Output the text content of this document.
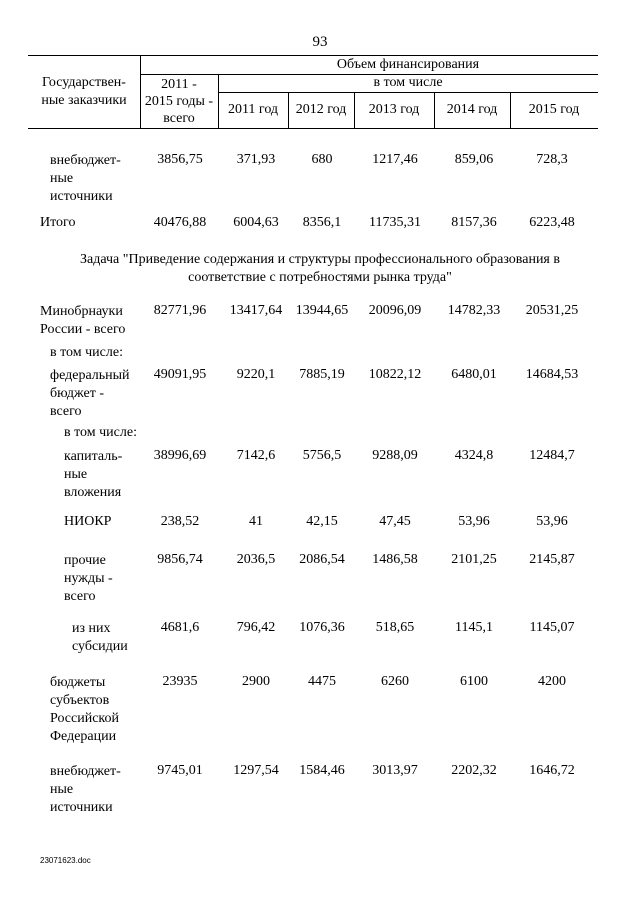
93
Государствен-
ные заказчики
Объем финансирования
2011 -
2015 годы -
всего
в том числе
2011 год	2012 год	2013 год	2014 год	2015 год
внебюджет-
ные
источники
3856,75	371,93	680	1217,46	859,06	728,3
Итого	40476,88	6004,63	8356,1	11735,31	8157,36	6223,48
Задача "Приведение содержания и структуры профессионального образования в
соответствие с потребностями рынка труда"
Минобрнауки
России - всего
82771,96	13417,64 13944,65	20096,09	14782,33	20531,25
в том числе:
федеральный
бюджет -
всего
49091,95	9220,1	7885,19	10822,12	6480,01	14684,53
в том числе:
капиталь-
ные
вложения
38996,69	7142,6	5756,5	9288,09	4324,8	12484,7
НИОКР	238,52	41	42,15	47,45	53,96	53,96
прочие
нужды -
всего
9856,74	2036,5	2086,54	1486,58	2101,25	2145,87
из них
субсидии
4681,6	796,42	1076,36	518,65	1145,1	1145,07
бюджеты
субъектов
Российской
Федерации
23935	2900	4475	6260	6100	4200
внебюджет-
ные
источники
9745,01	1297,54	1584,46	3013,97	2202,32	1646,72
23071623.doc
